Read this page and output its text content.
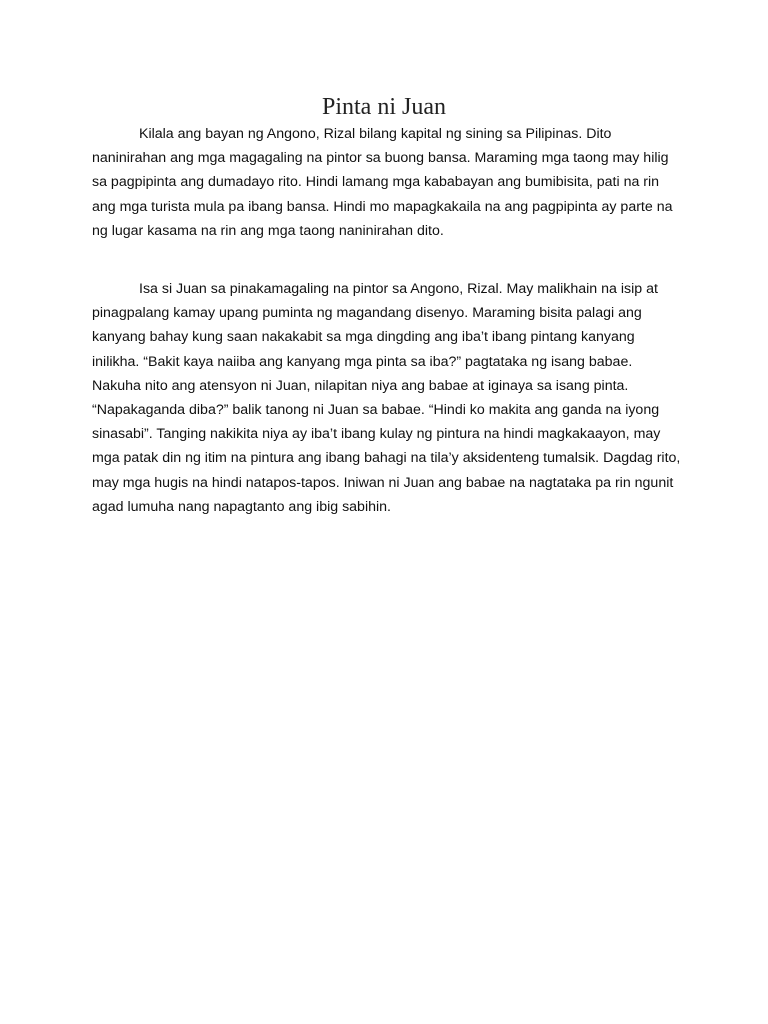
Pinta ni Juan

Kilala ang bayan ng Angono, Rizal bilang kapital ng sining sa Pilipinas. Dito naninirahan ang mga magagaling na pintor sa buong bansa. Maraming mga taong may hilig sa pagpipinta ang dumadayo rito. Hindi lamang mga kababayan ang bumibisita, pati na rin ang mga turista mula pa ibang bansa. Hindi mo mapagkakaila na ang pagpipinta ay parte na ng lugar kasama na rin ang mga taong naninirahan dito.

Isa si Juan sa pinakamagaling na pintor sa Angono, Rizal. May malikhain na isip at pinagpalang kamay upang puminta ng magandang disenyo. Maraming bisita palagi ang kanyang bahay kung saan nakakabit sa mga dingding ang iba’t ibang pintang kanyang inilikha. “Bakit kaya naiiba ang kanyang mga pinta sa iba?” pagtataka ng isang babae. Nakuha nito ang atensyon ni Juan, nilapitan niya ang babae at iginaya sa isang pinta. “Napakaganda diba?” balik tanong ni Juan sa babae. “Hindi ko makita ang ganda na iyong sinasabi”. Tanging nakikita niya ay iba’t ibang kulay ng pintura na hindi magkakaayon, may mga patak din ng itim na pintura ang ibang bahagi na tila’y aksidenteng tumalsik. Dagdag rito, may mga hugis na hindi natapos-tapos. Iniwan ni Juan ang babae na nagtataka pa rin ngunit agad lumuha nang napagtanto ang ibig sabihin.
